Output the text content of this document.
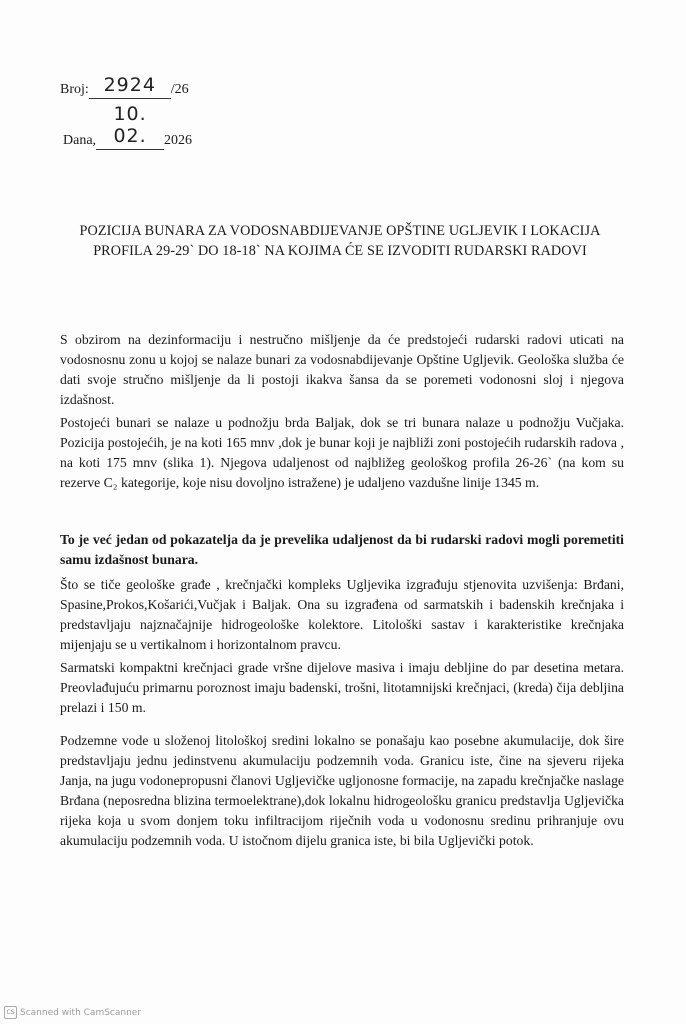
Broj: 2924 /26
Dana,10. 02. 2026
POZICIJA BUNARA ZA VODOSNABDIJEVANJE OPŠTINE UGLJEVIK I LOKACIJA
PROFILA 29-29` DO 18-18` NA KOJIMA ĆE SE IZVODITI RUDARSKI RADOVI

S obzirom na dezinformaciju i nestručno mišljenje da će predstojeći rudarski radovi uticati na vodosnosnu zonu u kojoj se nalaze bunari za vodosnabdijevanje Opštine Ugljevik. Geološka služba će dati svoje stručno mišljenje da li postoji ikakva šansa da se poremeti vodonosni sloj i njegova izdašnost.

Postojeći bunari se nalaze u podnožju brda Baljak, dok se tri bunara nalaze u podnožju Vučjaka. Pozicija postojećih, je na koti 165 mnv ,dok je bunar koji je najbliži zoni postojećih rudarskih radova , na koti 175 mnv (slika 1). Njegova udaljenost od najbližeg geološkog profila 26-26` (na kom su rezerve C₂ kategorije, koje nisu dovoljno istražene) je udaljeno vazdušne linije 1345 m.

To je već jedan od pokazatelja da je prevelika udaljenost da bi rudarski radovi mogli poremetiti samu izdašnost bunara.

Što se tiče geološke građe , krečnjački kompleks Ugljevika izgrađuju stjenovita uzvišenja: Brđani, Spasine,Prokos,Košarići,Vučjak i Baljak. Ona su izgrađena od sarmatskih i badenskih krečnjaka i predstavljaju najznačajnije hidrogeološke kolektore. Litološki sastav i karakteristike krečnjaka mijenjaju se u vertikalnom i horizontalnom pravcu.

Sarmatski kompaktni krečnjaci grade vršne dijelove masiva i imaju debljine do par desetina metara. Preovlađujuću primarnu poroznost imaju badenski, trošni, litotamnijski krečnjaci, (kreda) čija debljina prelazi i 150 m.

Podzemne vode u složenoj litološkoj sredini lokalno se ponašaju kao posebne akumulacije, dok šire predstavljaju jednu jedinstvenu akumulaciju podzemnih voda. Granicu iste, čine na sjeveru rijeka Janja, na jugu vodonepropusni članovi Ugljevičke ugljonosne formacije, na zapadu krečnjačke naslage Brđana (neposredna blizina termoelektrane),dok lokalnu hidrogeološku granicu predstavlja Ugljevička rijeka koja u svom donjem toku infiltracijom riječnih voda u vodonosnu sredinu prihranjuje ovu akumulaciju podzemnih voda. U istočnom dijelu granica iste, bi bila Ugljevički potok.

CS Scanned with CamScanner
